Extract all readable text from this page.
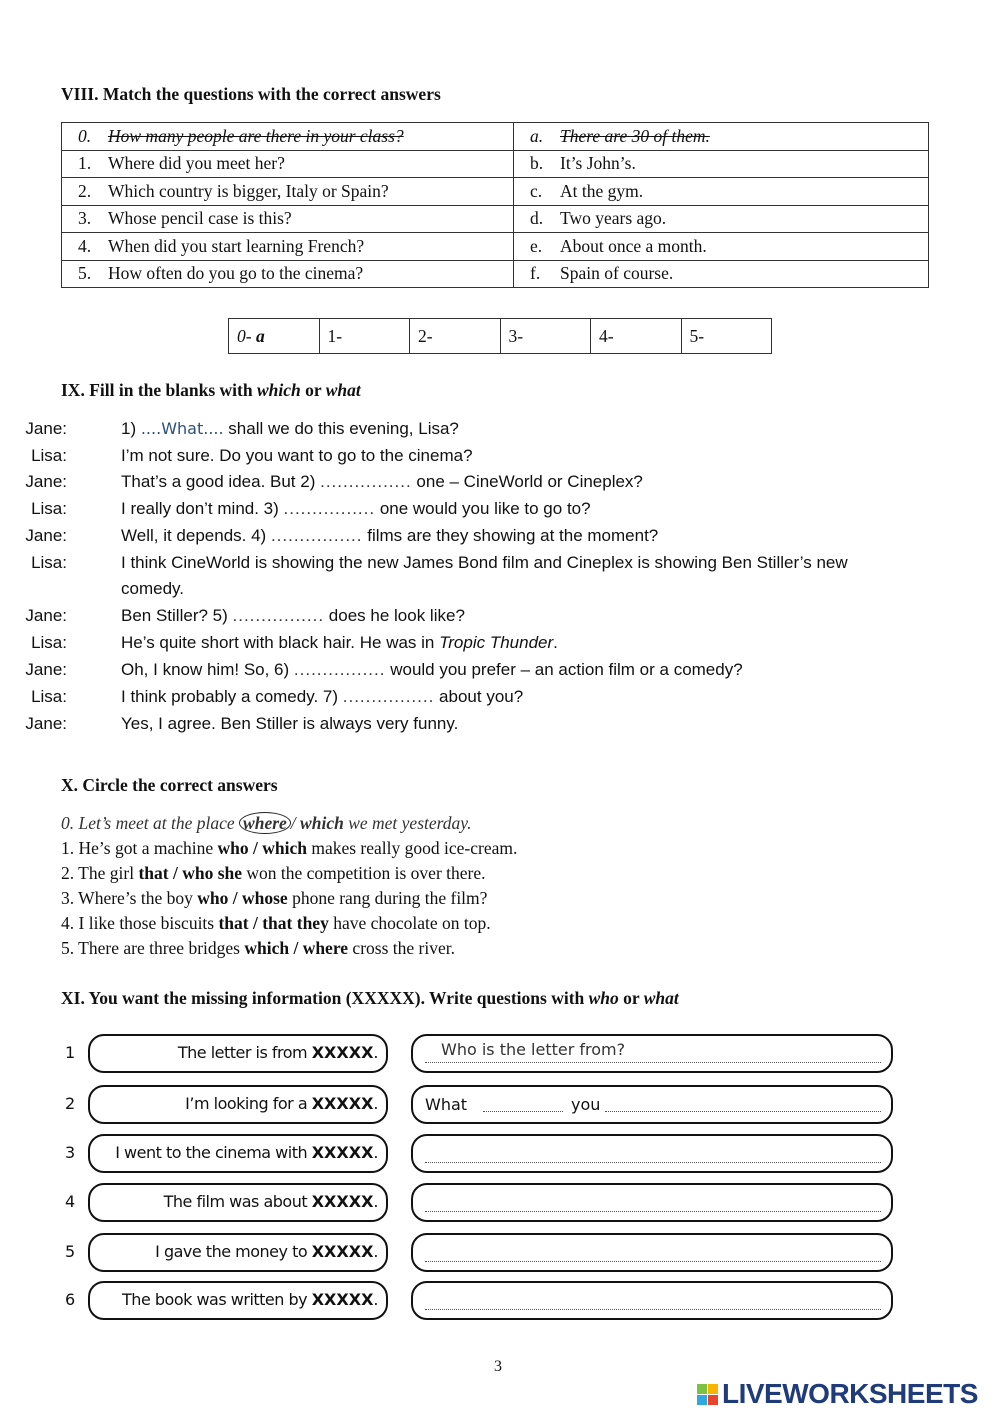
VIII. Match the questions with the correct answers
0. How many people are there in your class?	a. There are 30 of them.
1. Where did you meet her?	b. It’s John’s.
2. Which country is bigger, Italy or Spain?	c. At the gym.
3. Whose pencil case is this?	d. Two years ago.
4. When did you start learning French?	e. About once a month.
5. How often do you go to the cinema?	f. Spain of course.
0- a	1-	2-	3-	4-	5-
IX. Fill in the blanks with which or what
Jane:	1) ....What.... shall we do this evening, Lisa?
Lisa:	I’m not sure. Do you want to go to the cinema?
Jane:	That’s a good idea. But 2) ................ one – CineWorld or Cineplex?
Lisa:	I really don’t mind. 3) ................ one would you like to go to?
Jane:	Well, it depends. 4) ................ films are they showing at the moment?
Lisa:	I think CineWorld is showing the new James Bond film and Cineplex is showing Ben Stiller’s new
comedy.
Jane:	Ben Stiller? 5) ................ does he look like?
Lisa:	He’s quite short with black hair. He was in Tropic Thunder.
Jane:	Oh, I know him! So, 6) ................ would you prefer – an action film or a comedy?
Lisa:	I think probably a comedy. 7) ................ about you?
Jane:	Yes, I agree. Ben Stiller is always very funny.
X. Circle the correct answers
0. Let’s meet at the place where / which we met yesterday.
1. He’s got a machine who / which makes really good ice-cream.
2. The girl that / who she won the competition is over there.
3. Where’s the boy who / whose phone rang during the film?
4. I like those biscuits that / that they have chocolate on top.
5. There are three bridges which / where cross the river.
XI. You want the missing information (XXXXX). Write questions with who or what
1	The letter is from XXXXX.	Who is the letter from?
2	I’m looking for a XXXXX.	What	you
3	I went to the cinema with XXXXX.
4	The film was about XXXXX.
5	I gave the money to XXXXX.
6	The book was written by XXXXX.
3
LIVEWORKSHEETS
